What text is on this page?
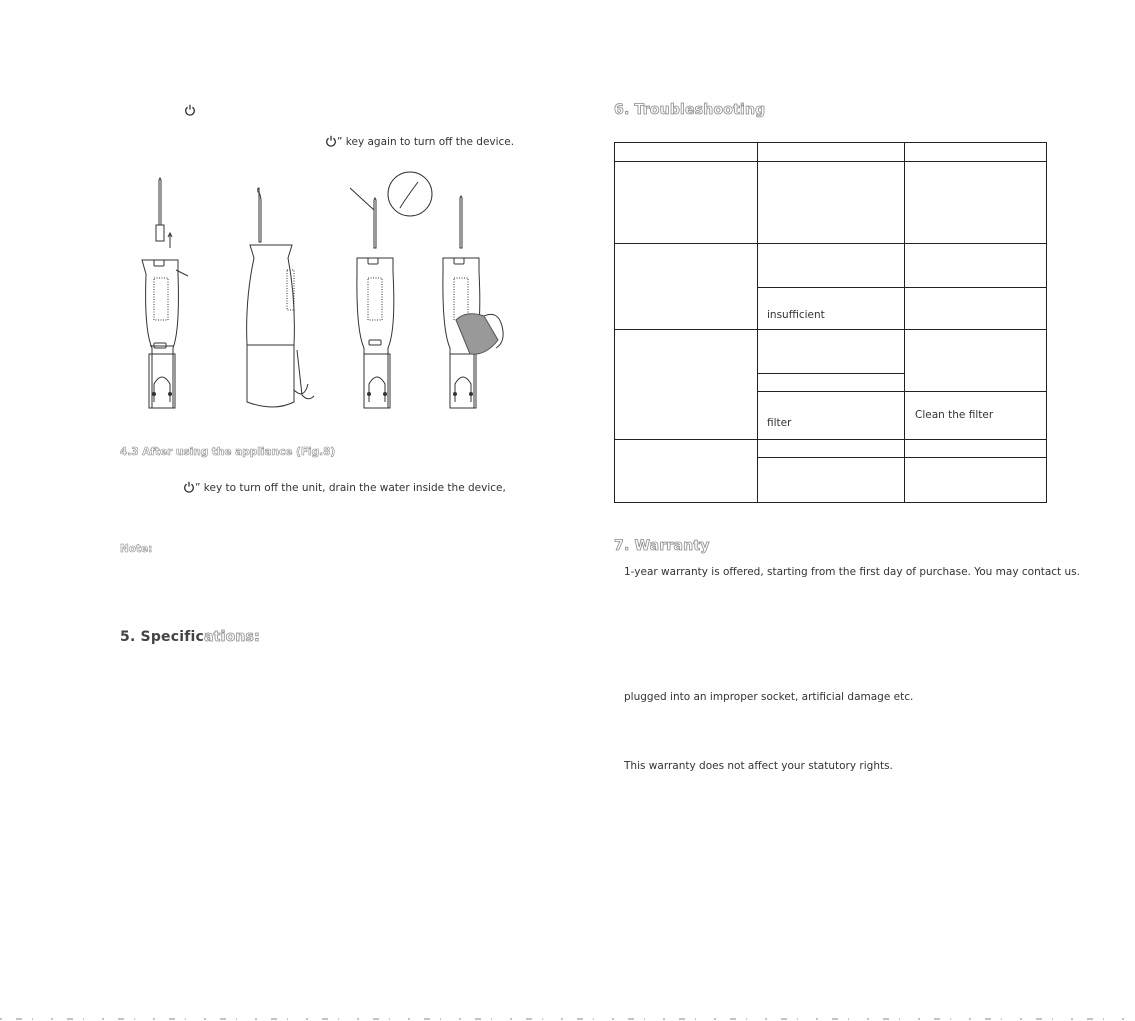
” key again to turn off the device.
4.3 After using the appliance (Fig.8)
” key to turn off the unit, drain the water inside the device,
Note:
5. Specifications:
6. Troubleshooting
insufficient
filter
Clean the filter
7. Warranty
1-year warranty is offered, starting from the first day of purchase. You may contact us.
plugged into an improper socket, artificial damage etc.
This warranty does not affect your statutory rights.
